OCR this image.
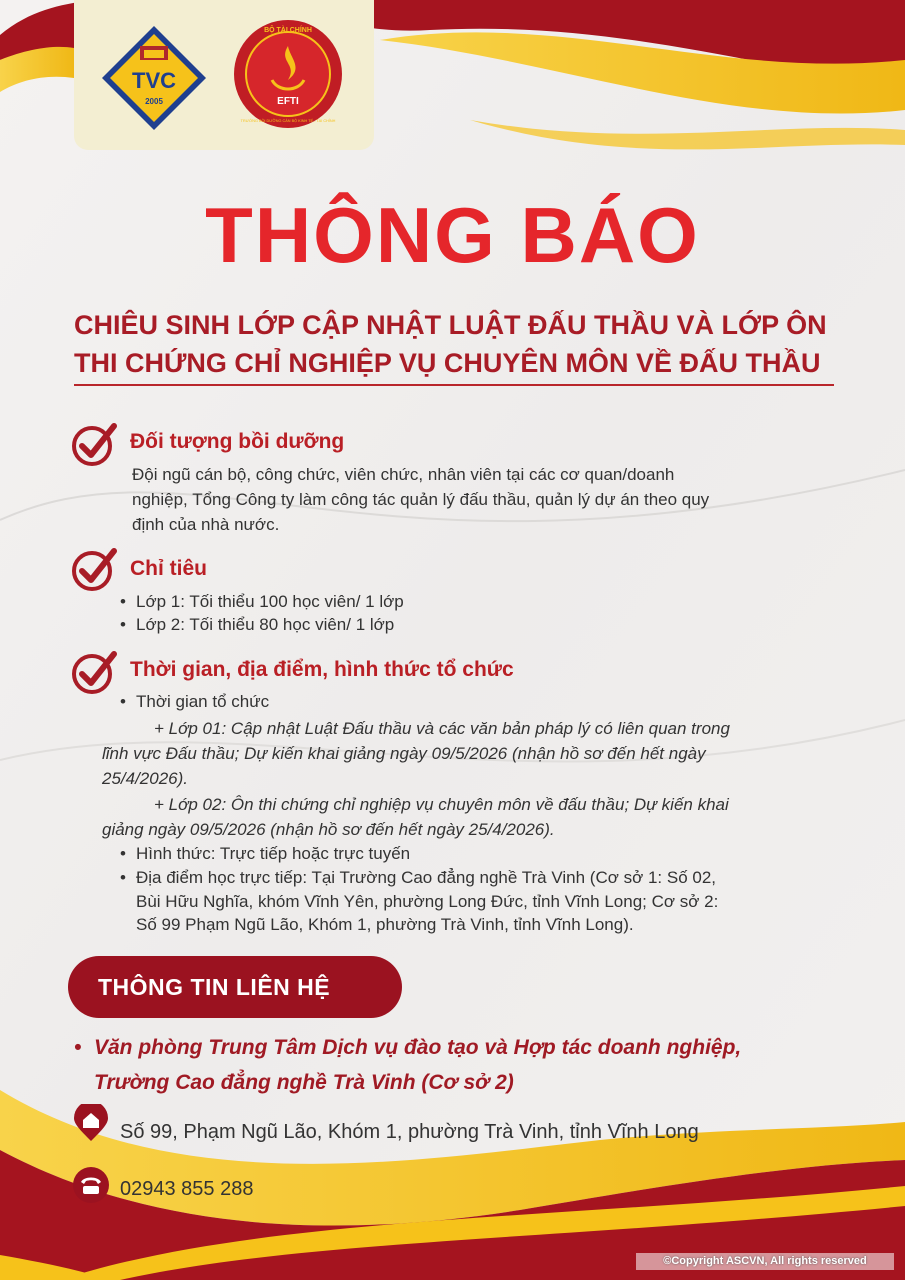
TVC
2005
BỘ TÀI CHÍNH
EFTI
TRƯỜNG BỒI DƯỠNG CÁN BỘ KINH TẾ - TÀI CHÍNH
THÔNG BÁO
CHIÊU SINH LỚP CẬP NHẬT LUẬT ĐẤU THẦU VÀ LỚP ÔN
THI CHỨNG CHỈ NGHIỆP VỤ CHUYÊN MÔN VỀ ĐẤU THẦU
Đối tượng bồi dưỡng
Đội ngũ cán bộ, công chức, viên chức, nhân viên tại các cơ quan/doanh
nghiệp, Tổng Công ty làm công tác quản lý đấu thầu, quản lý dự án theo quy
định của nhà nước.
Chỉ tiêu
• Lớp 1: Tối thiểu 100 học viên/ 1 lớp
• Lớp 2: Tối thiểu 80 học viên/ 1 lớp
Thời gian, địa điểm, hình thức tổ chức
• Thời gian tổ chức
+ Lớp 01: Cập nhật Luật Đấu thầu và các văn bản pháp lý có liên quan trong
lĩnh vực Đấu thầu; Dự kiến khai giảng ngày 09/5/2026 (nhận hồ sơ đến hết ngày
25/4/2026).
+ Lớp 02: Ôn thi chứng chỉ nghiệp vụ chuyên môn về đấu thầu; Dự kiến khai
giảng ngày 09/5/2026 (nhận hồ sơ đến hết ngày 25/4/2026).
• Hình thức: Trực tiếp hoặc trực tuyến
• Địa điểm học trực tiếp: Tại Trường Cao đẳng nghề Trà Vinh (Cơ sở 1: Số 02,
Bùi Hữu Nghĩa, khóm Vĩnh Yên, phường Long Đức, tỉnh Vĩnh Long; Cơ sở 2:
Số 99 Phạm Ngũ Lão, Khóm 1, phường Trà Vinh, tỉnh Vĩnh Long).
THÔNG TIN LIÊN HỆ
• Văn phòng Trung Tâm Dịch vụ đào tạo và Hợp tác doanh nghiệp,
Trường Cao đẳng nghề Trà Vinh (Cơ sở 2)
Số 99, Phạm Ngũ Lão, Khóm 1, phường Trà Vinh, tỉnh Vĩnh Long
02943 855 288
©Copyright ASCVN, All rights reserved
